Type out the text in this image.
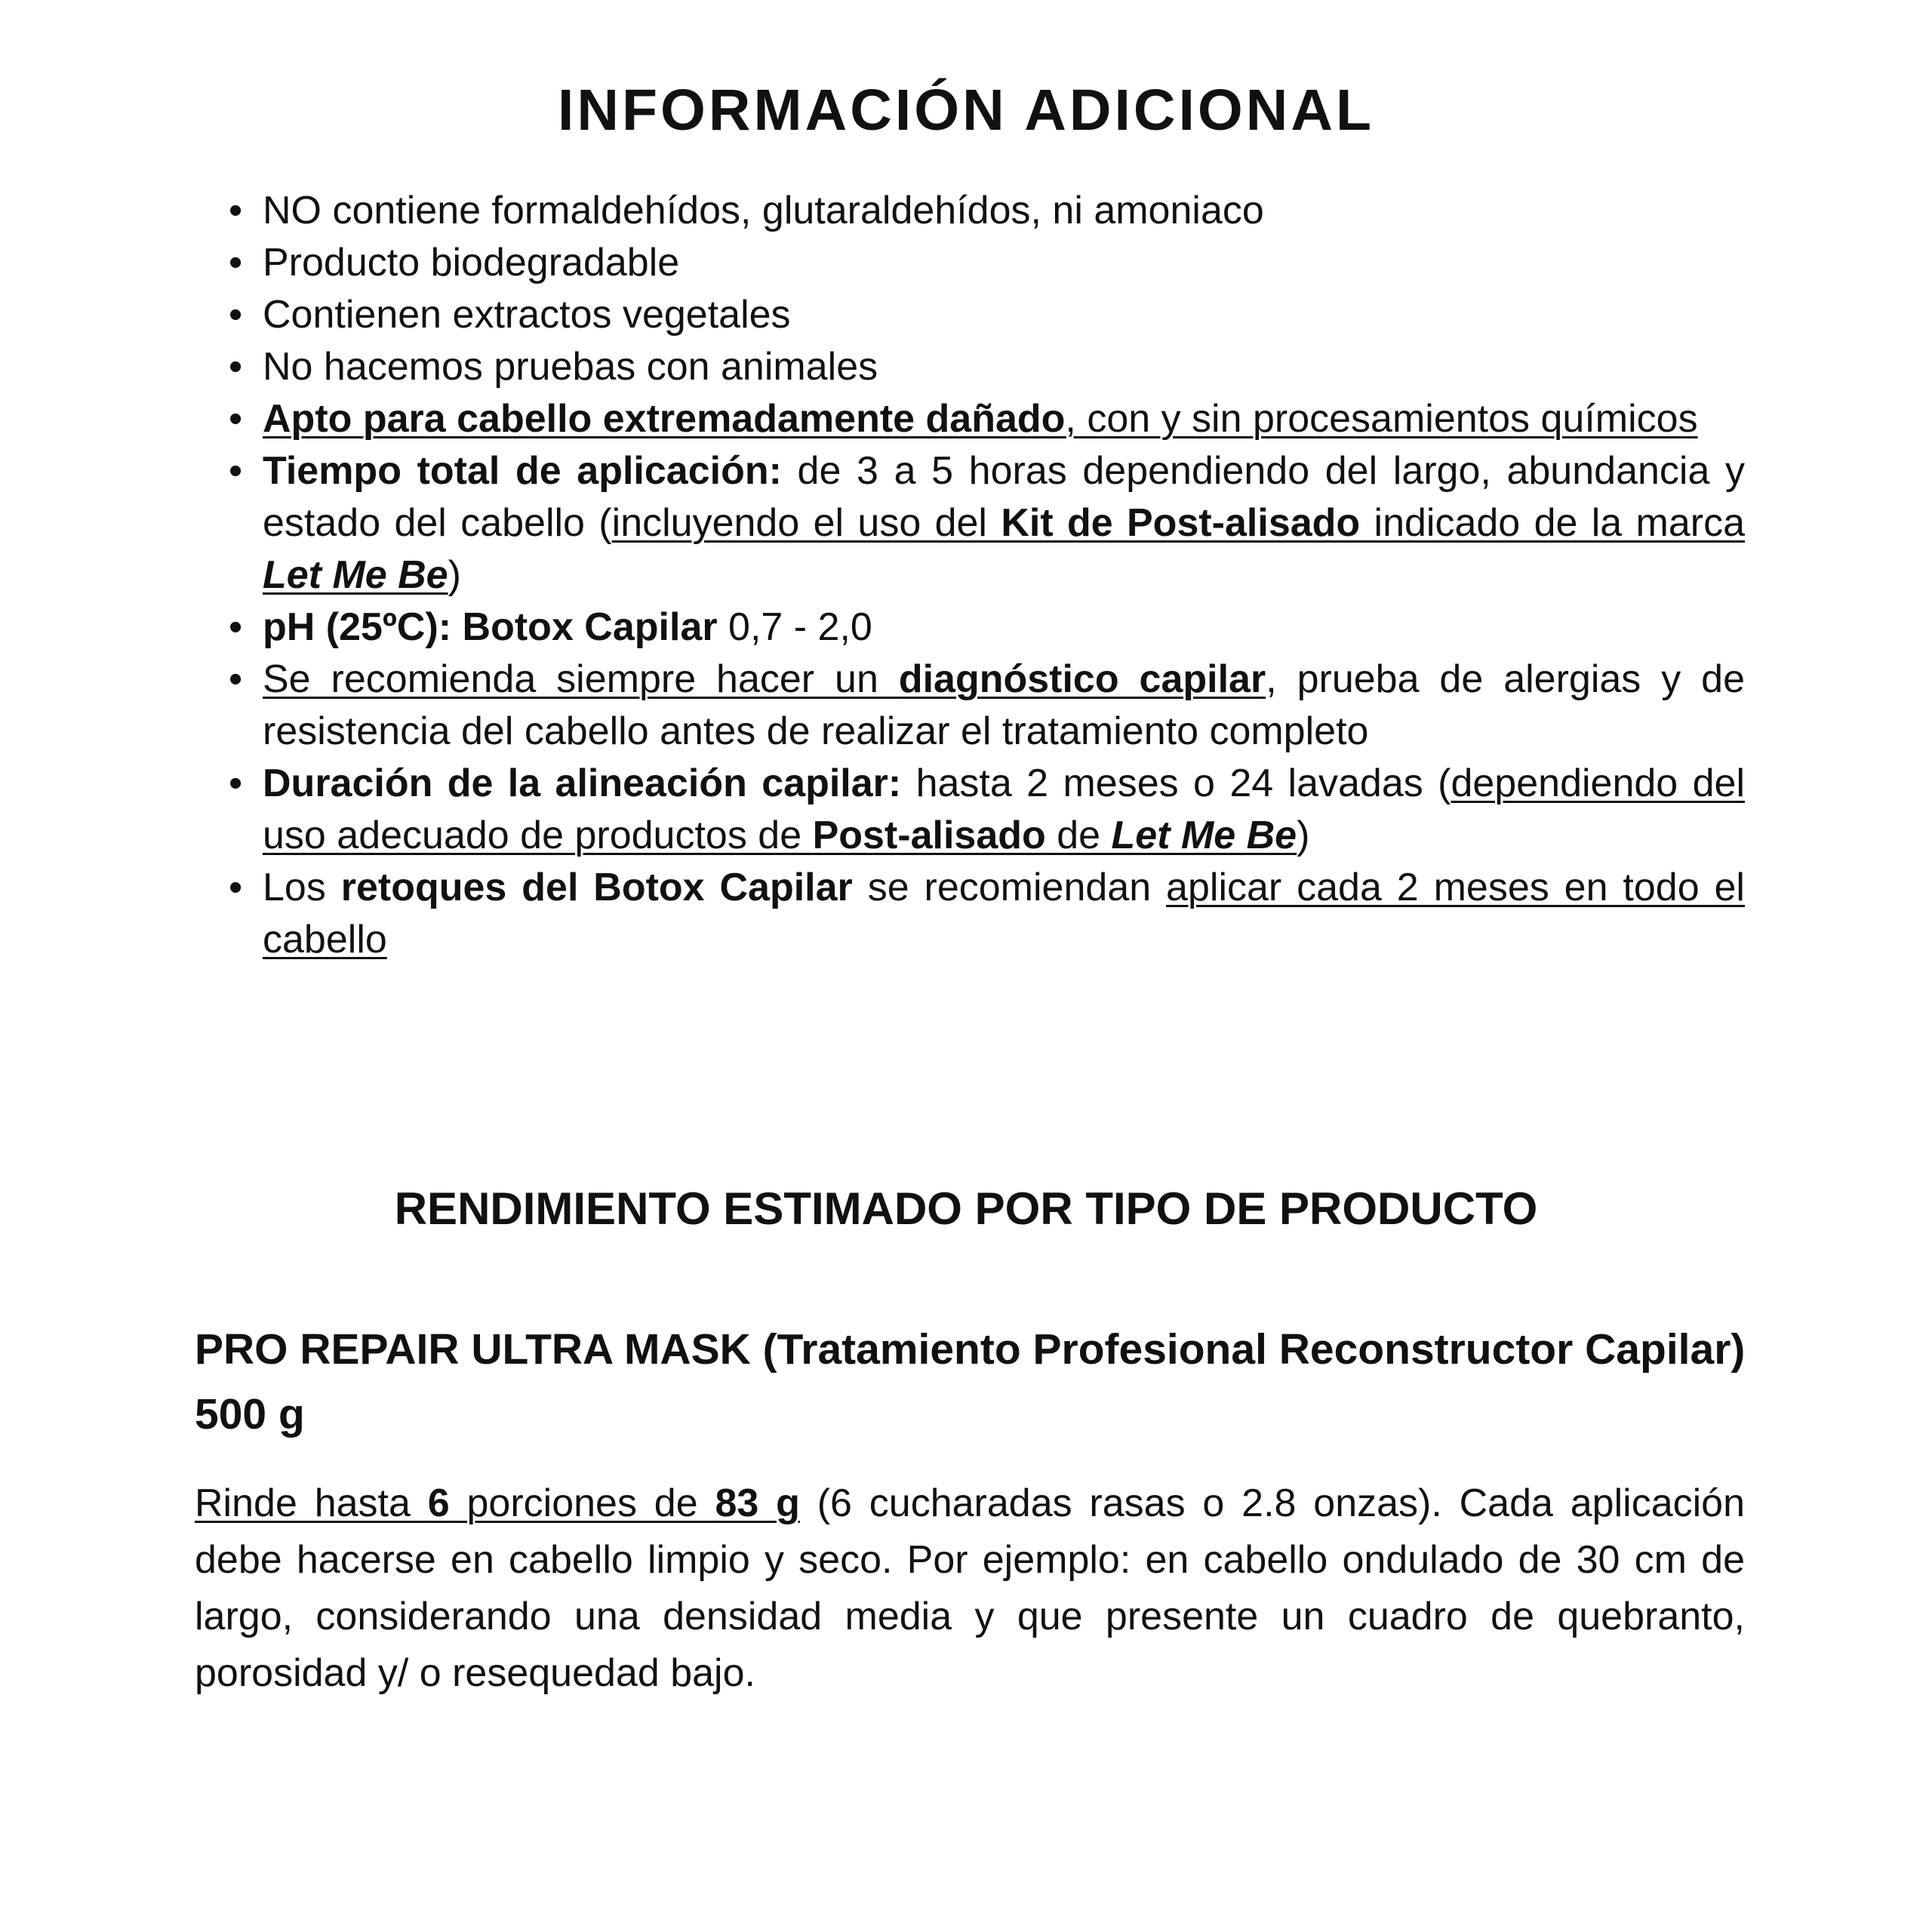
INFORMACIÓN ADICIONAL
• NO contiene formaldehídos, glutaraldehídos, ni amoniaco
• Producto biodegradable
• Contienen extractos vegetales
• No hacemos pruebas con animales
• Apto para cabello extremadamente dañado, con y sin procesamientos químicos
• Tiempo total de aplicación: de 3 a 5 horas dependiendo del largo, abundancia y estado del cabello (incluyendo el uso del Kit de Post-alisado indicado de la marca Let Me Be)
• pH (25ºC): Botox Capilar 0,7 - 2,0
• Se recomienda siempre hacer un diagnóstico capilar, prueba de alergias y de resistencia del cabello antes de realizar el tratamiento completo
• Duración de la alineación capilar: hasta 2 meses o 24 lavadas (dependiendo del uso adecuado de productos de Post-alisado de Let Me Be)
• Los retoques del Botox Capilar se recomiendan aplicar cada 2 meses en todo el cabello
RENDIMIENTO ESTIMADO POR TIPO DE PRODUCTO
PRO REPAIR ULTRA MASK (Tratamiento Profesional Reconstructor Capilar) 500 g

Rinde hasta 6 porciones de 83 g (6 cucharadas rasas o 2.8 onzas). Cada aplicación debe hacerse en cabello limpio y seco. Por ejemplo: en cabello ondulado de 30 cm de largo, considerando una densidad media y que presente un cuadro de quebranto, porosidad y/ o resequedad bajo.
